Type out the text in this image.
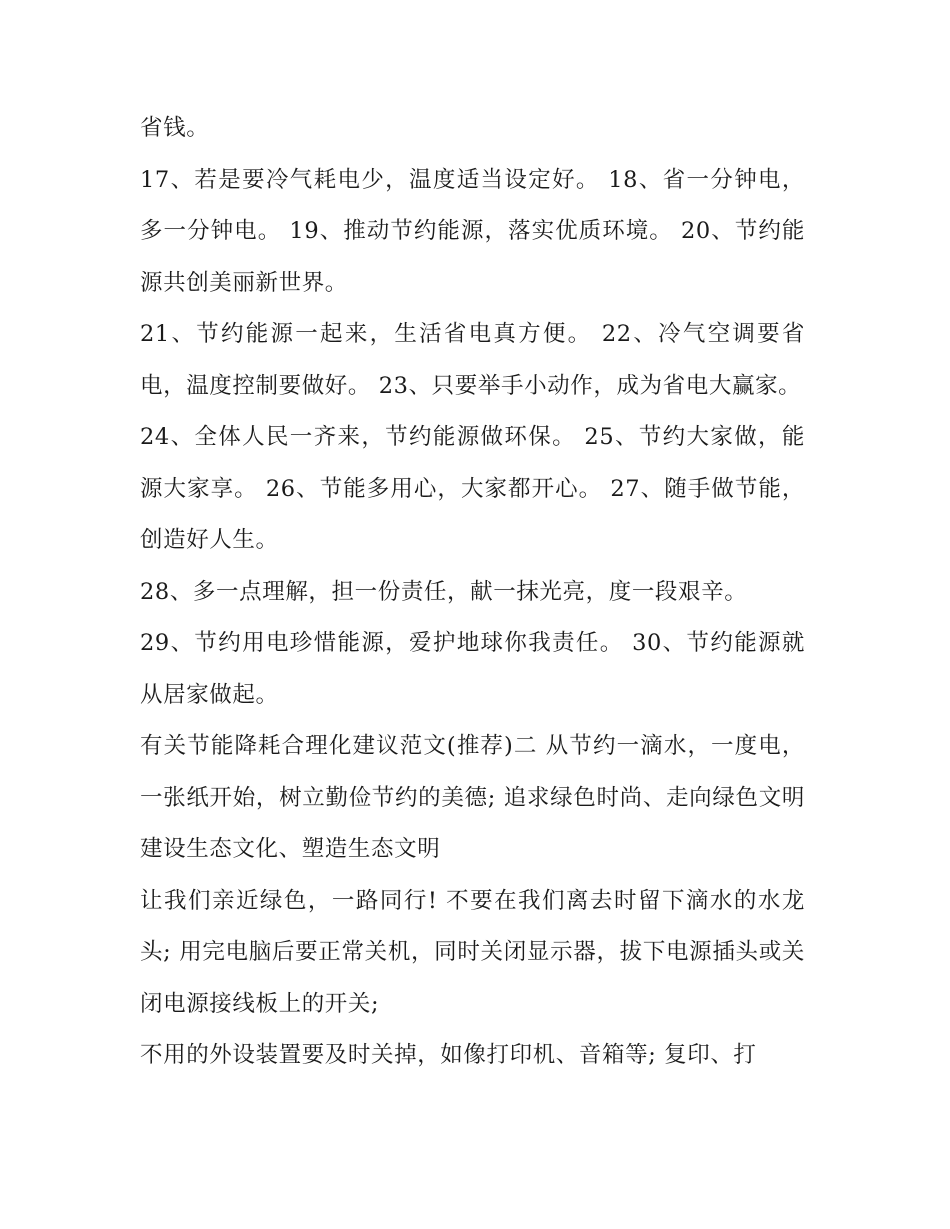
省钱。

17、若是要冷气耗电少，温度适当设定好。 18、省一分钟电，多一分钟电。 19、推动节约能源，落实优质环境。 20、节约能源共创美丽新世界。

21、节约能源一起来，生活省电真方便。 22、冷气空调要省电，温度控制要做好。 23、只要举手小动作，成为省电大赢家。

24、全体人民一齐来，节约能源做环保。 25、节约大家做，能源大家享。 26、节能多用心，大家都开心。 27、随手做节能，创造好人生。

28、多一点理解，担一份责任，献一抹光亮，度一段艰辛。

29、节约用电珍惜能源，爱护地球你我责任。 30、节约能源就从居家做起。

有关节能降耗合理化建议范文(推荐)二 从节约一滴水，一度电，一张纸开始，树立勤俭节约的美德; 追求绿色时尚、走向绿色文明 建设生态文化、塑造生态文明

让我们亲近绿色，一路同行! 不要在我们离去时留下滴水的水龙头; 用完电脑后要正常关机，同时关闭显示器，拔下电源插头或关闭电源接线板上的开关;

不用的外设装置要及时关掉，如像打印机、音箱等; 复印、打
